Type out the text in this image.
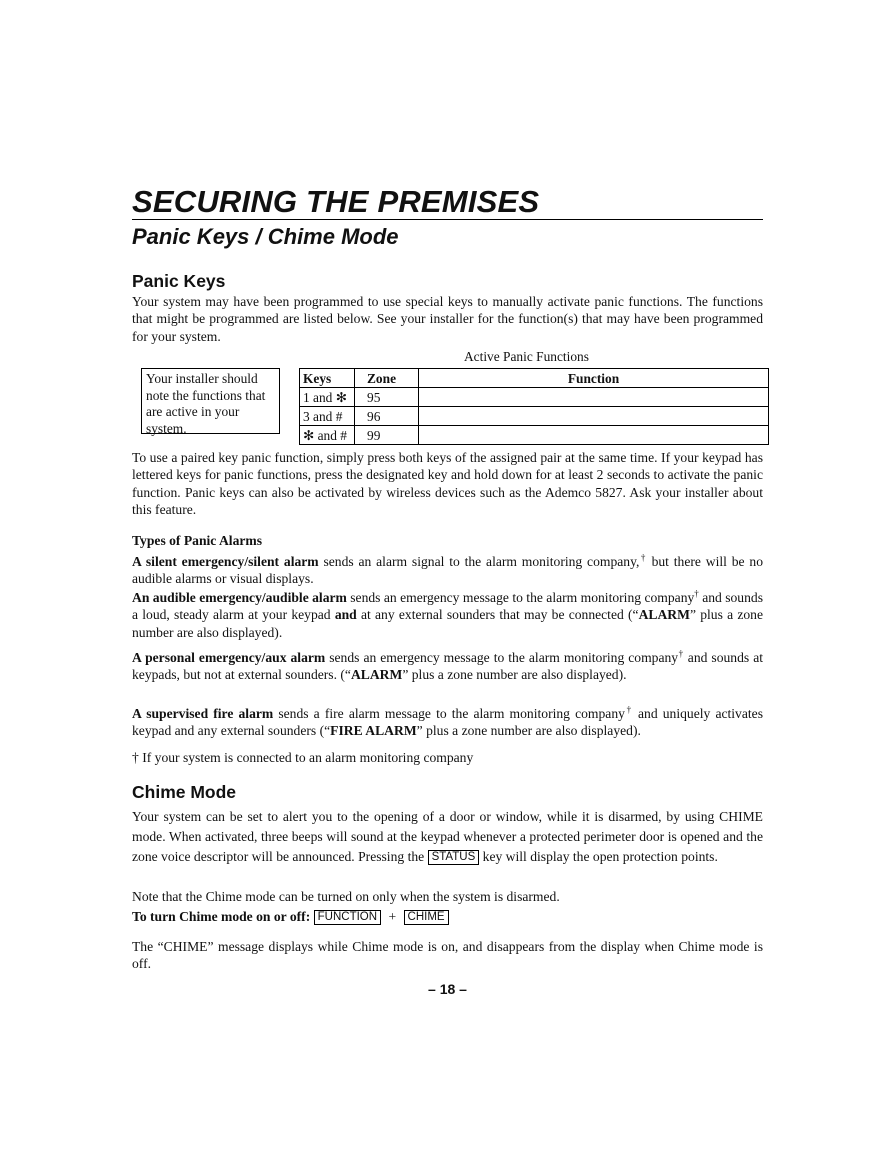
SECURING THE PREMISES
Panic Keys / Chime Mode
Panic Keys
Your system may have been programmed to use special keys to manually activate panic functions. The functions that might be programmed are listed below. See your installer for the function(s) that may have been programmed for your system.
Active Panic Functions
Your installer should note the functions that are active in your system.
Keys	Zone	Function
1 and ✻	95	
3 and #	96	
✻ and #	99	
To use a paired key panic function, simply press both keys of the assigned pair at the same time. If your keypad has lettered keys for panic functions, press the designated key and hold down for at least 2 seconds to activate the panic function. Panic keys can also be activated by wireless devices such as the Ademco 5827. Ask your installer about this feature.
Types of Panic Alarms
A silent emergency/silent alarm sends an alarm signal to the alarm monitoring company,† but there will be no audible alarms or visual displays.
An audible emergency/audible alarm sends an emergency message to the alarm monitoring company† and sounds a loud, steady alarm at your keypad and at any external sounders that may be connected (“ALARM” plus a zone number are also displayed).
A personal emergency/aux alarm sends an emergency message to the alarm monitoring company† and sounds at keypads, but not at external sounders. (“ALARM” plus a zone number are also displayed).
A supervised fire alarm sends a fire alarm message to the alarm monitoring company† and uniquely activates keypad and any external sounders (“FIRE ALARM” plus a zone number are also displayed).
† If your system is connected to an alarm monitoring company
Chime Mode
Your system can be set to alert you to the opening of a door or window, while it is disarmed, by using CHIME mode. When activated, three beeps will sound at the keypad whenever a protected perimeter door is opened and the zone voice descriptor will be announced. Pressing the STATUS key will display the open protection points.
Note that the Chime mode can be turned on only when the system is disarmed.
To turn Chime mode on or off: FUNCTION + CHIME
The “CHIME” message displays while Chime mode is on, and disappears from the display when Chime mode is off.
– 18 –
